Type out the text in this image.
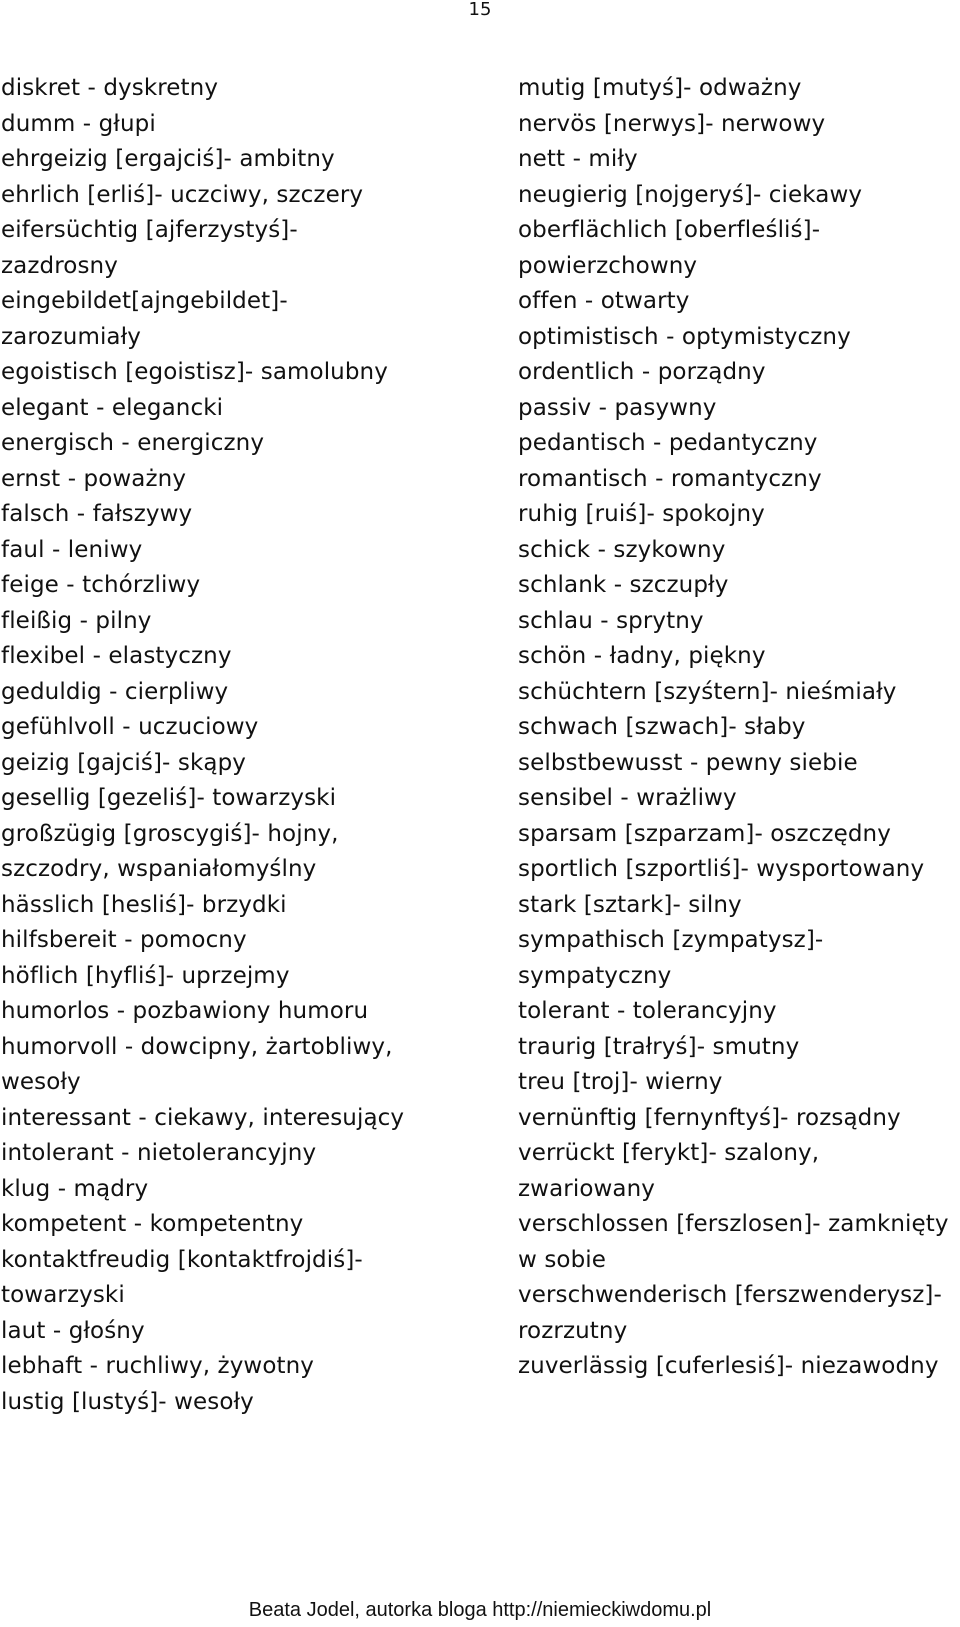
15
diskret - dyskretny
dumm - głupi
ehrgeizig [ergajciś]- ambitny
ehrlich [erliś]- uczciwy, szczery
eifersüchtig [ajferzystyś]-
zazdrosny
eingebildet[ajngebildet]-
zarozumiały
egoistisch [egoistisz]- samolubny
elegant - elegancki
energisch - energiczny
ernst - poważny
falsch - fałszywy
faul - leniwy
feige - tchórzliwy
fleißig - pilny
flexibel - elastyczny
geduldig - cierpliwy
gefühlvoll - uczuciowy
geizig [gajciś]- skąpy
gesellig [gezeliś]- towarzyski
großzügig [groscygiś]- hojny,
szczodry, wspaniałomyślny
hässlich [hesliś]- brzydki
hilfsbereit - pomocny
höflich [hyfliś]- uprzejmy
humorlos - pozbawiony humoru
humorvoll - dowcipny, żartobliwy,
wesoły
interessant - ciekawy, interesujący
intolerant - nietolerancyjny
klug - mądry
kompetent - kompetentny
kontaktfreudig [kontaktfrojdiś]-
towarzyski
laut - głośny
lebhaft - ruchliwy, żywotny
lustig [lustyś]- wesoły
mutig [mutyś]- odważny
nervös [nerwys]- nerwowy
nett - miły
neugierig [nojgeryś]- ciekawy
oberflächlich [oberfleśliś]-
powierzchowny
offen - otwarty
optimistisch - optymistyczny
ordentlich - porządny
passiv - pasywny
pedantisch - pedantyczny
romantisch - romantyczny
ruhig [ruiś]- spokojny
schick - szykowny
schlank - szczupły
schlau - sprytny
schön - ładny, piękny
schüchtern [szyśtern]- nieśmiały
schwach [szwach]- słaby
selbstbewusst - pewny siebie
sensibel - wrażliwy
sparsam [szparzam]- oszczędny
sportlich [szportliś]- wysportowany
stark [sztark]- silny
sympathisch [zympatysz]-
sympatyczny
tolerant - tolerancyjny
traurig [trałryś]- smutny
treu [troj]- wierny
vernünftig [fernynftyś]- rozsądny
verrückt [ferykt]- szalony,
zwariowany
verschlossen [ferszlosen]- zamknięty
w sobie
verschwenderisch [ferszwenderysz]-
rozrzutny
zuverlässig [cuferlesiś]- niezawodny
Beata Jodel, autorka bloga http://niemieckiwdomu.pl
